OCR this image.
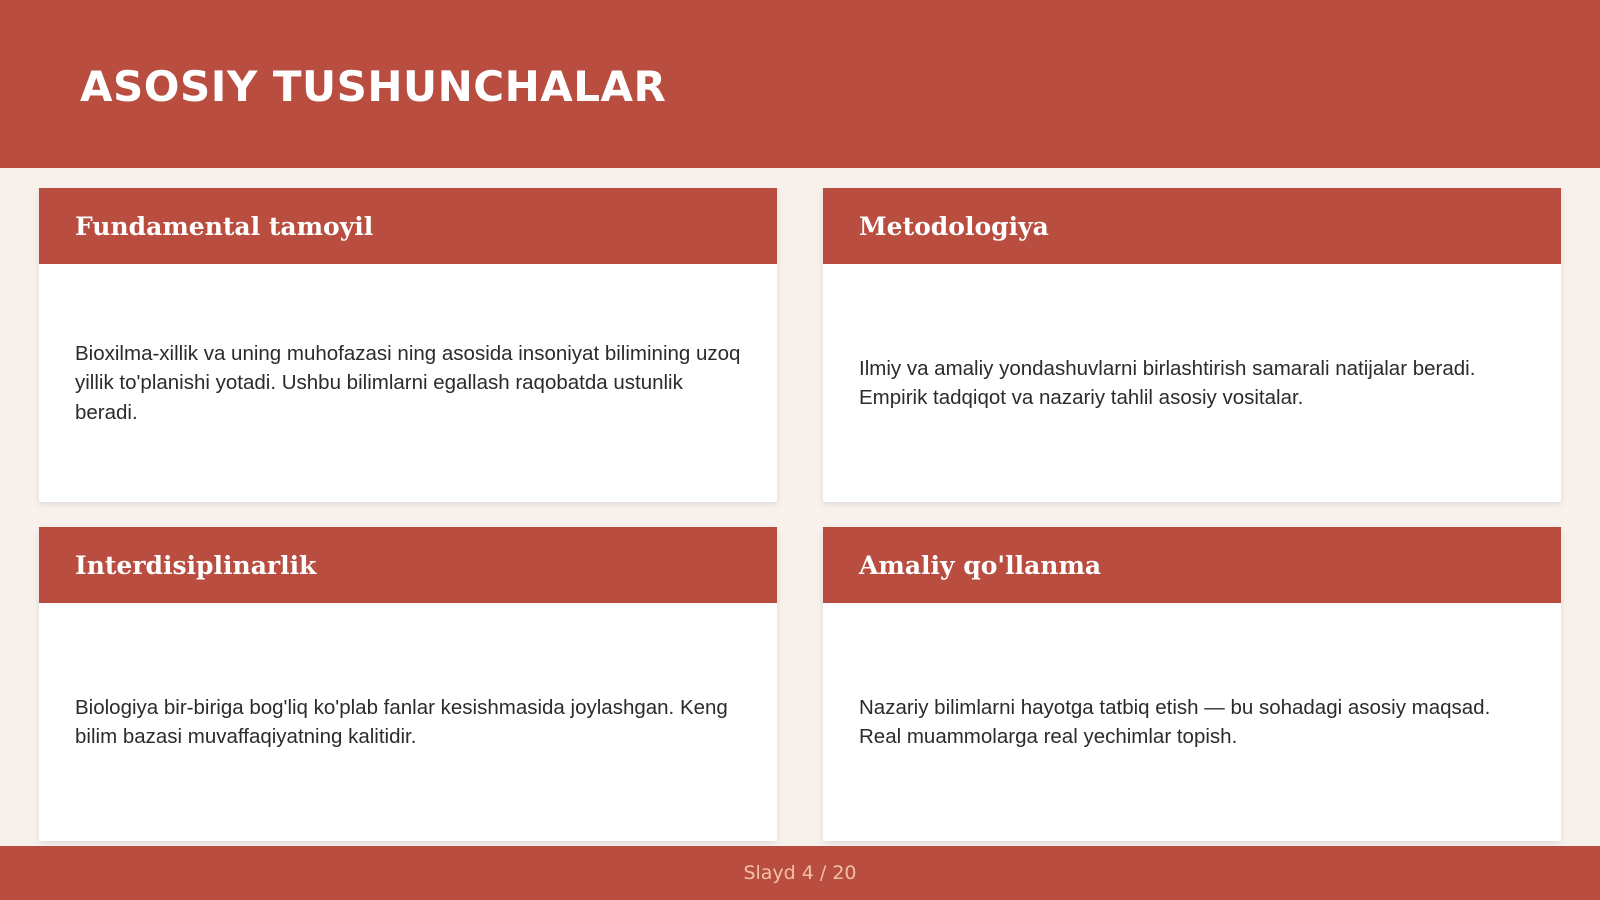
ASOSIY TUSHUNCHALAR
Fundamental tamoyil

Bioxilma-xillik va uning muhofazasi ning asosida insoniyat bilimining uzoq yillik to'planishi yotadi. Ushbu bilimlarni egallash raqobatda ustunlik beradi.

Metodologiya

Ilmiy va amaliy yondashuvlarni birlashtirish samarali natijalar beradi. Empirik tadqiqot va nazariy tahlil asosiy vositalar.

Interdisiplinarlik

Biologiya bir-biriga bog'liq ko'plab fanlar kesishmasida joylashgan. Keng bilim bazasi muvaffaqiyatning kalitidir.

Amaliy qo'llanma

Nazariy bilimlarni hayotga tatbiq etish — bu sohadagi asosiy maqsad. Real muammolarga real yechimlar topish.

Slayd 4 / 20
